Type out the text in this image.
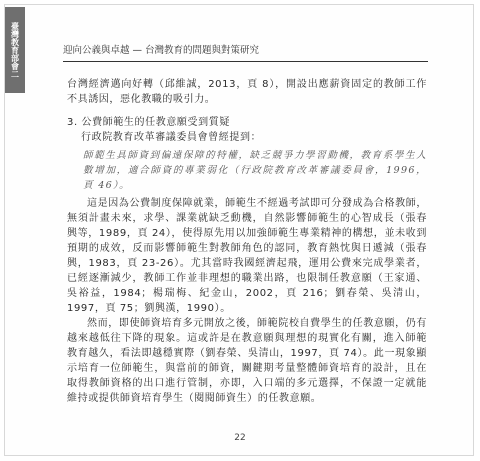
臺灣教育部會二	迎向公義與卓越 — 台灣教育的問題與對策研究

台灣經濟邁向好轉（邱維誠，2013，頁 8），開設出應薪資固定的教師工作不具誘因，惡化教職的吸引力。

3. 公費師範生的任教意願受到質疑

行政院教育改革審議委員會曾經提到：

師範生具師資到偏遠保障的特權，缺乏競爭力學習動機，教育系學生人數增加，適合師資的專業弱化（行政院教育改革審議委員會，1996，頁 46）。

這是因為公費制度保障就業，師範生不經過考試即可分發成為合格教師，無須計畫未來，求學、課業就缺乏動機，自然影響師範生的心智成長（張春興等，1989，頁 24），使得原先用以加強師範生專業精神的構想，並未收到預期的成效，反而影響師範生對教師角色的認同，教育熱忱與日遞減（張春興，1983，頁 23-26）。尤其當時我國經濟起飛，運用公費來完成學業者，已經逐漸減少，教師工作並非理想的職業出路，也限制任教意願（王家通、吳裕益，1984；楊瑞梅、紀金山，2002，頁 216；劉春榮、吳清山，1997，頁 75；劉興漢，1990）。

然而，即使師資培育多元開放之後，師範院校自費學生的任教意願，仍有越來越低往下降的現象。這或許是在教意願與理想的現實化有關，進入師範教育越久，看法即越穩實際（劉春榮、吳清山，1997，頁 74）。此一現象顯示培育一位師範生，與當前的師資，關鍵期考量整體師資培育的設計，且在取得教師資格的出口進行管制，亦即，入口端的多元選擇，不保證一定就能維持或提供師資培育學生（閱閱師資生）的任教意願。

22
